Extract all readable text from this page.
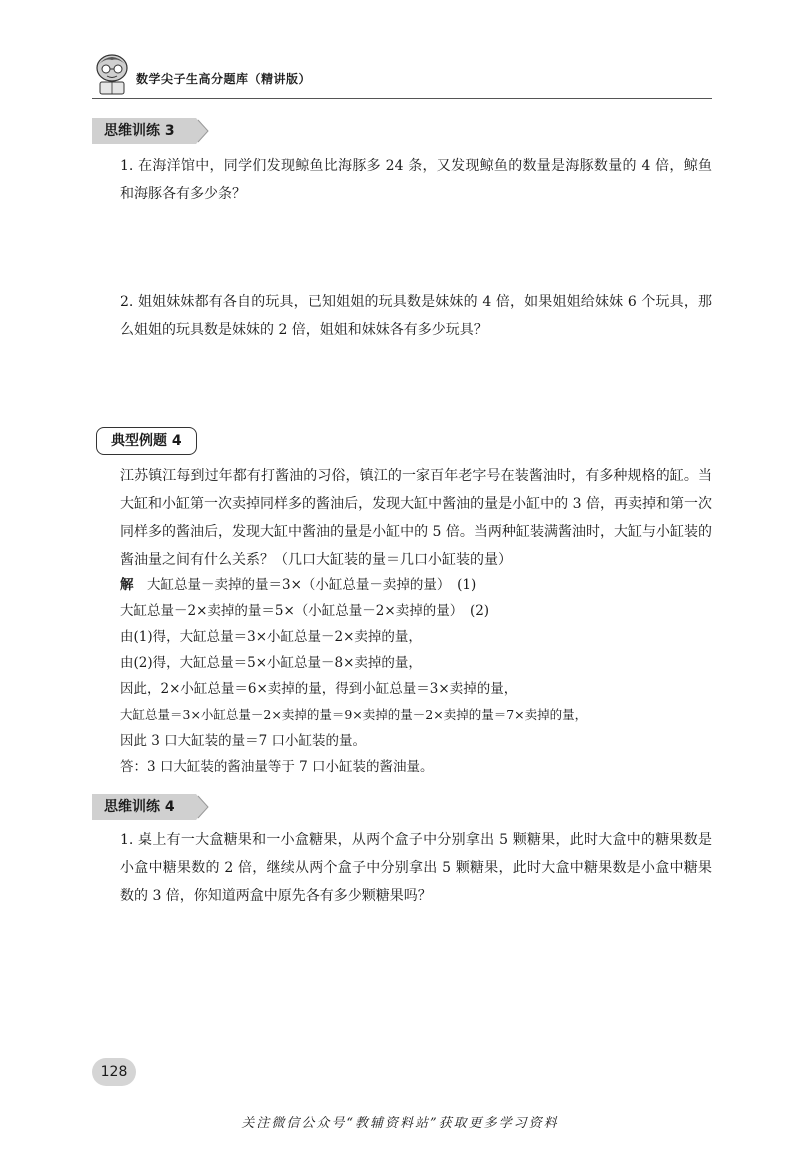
数学尖子生高分题库（精讲版）
思维训练 3
1. 在海洋馆中，同学们发现鲸鱼比海豚多 24 条，又发现鲸鱼的数量是海豚数量的 4 倍，鲸鱼和海豚各有多少条？
2. 姐姐妹妹都有各自的玩具，已知姐姐的玩具数是妹妹的 4 倍，如果姐姐给妹妹 6 个玩具，那么姐姐的玩具数是妹妹的 2 倍，姐姐和妹妹各有多少玩具？
典型例题 4
江苏镇江每到过年都有打酱油的习俗，镇江的一家百年老字号在装酱油时，有多种规格的缸。当大缸和小缸第一次卖掉同样多的酱油后，发现大缸中酱油的量是小缸中的 3 倍，再卖掉和第一次同样多的酱油后，发现大缸中酱油的量是小缸中的 5 倍。当两种缸装满酱油时，大缸与小缸装的酱油量之间有什么关系？（几口大缸装的量＝几口小缸装的量）
解　 大缸总量－卖掉的量＝3×（小缸总量－卖掉的量）　(1)
大缸总量－2×卖掉的量＝5×（小缸总量－2×卖掉的量）　(2)
由(1)得，大缸总量＝3×小缸总量－2×卖掉的量，
由(2)得，大缸总量＝5×小缸总量－8×卖掉的量，
因此，2×小缸总量＝6×卖掉的量，得到小缸总量＝3×卖掉的量，
大缸总量＝3×小缸总量－2×卖掉的量＝9×卖掉的量－2×卖掉的量＝7×卖掉的量，
因此 3 口大缸装的量＝7 口小缸装的量。
答：3 口大缸装的酱油量等于 7 口小缸装的酱油量。
思维训练 4
1. 桌上有一大盒糖果和一小盒糖果，从两个盒子中分别拿出 5 颗糖果，此时大盒中的糖果数是小盒中糖果数的 2 倍，继续从两个盒子中分别拿出 5 颗糖果，此时大盒中糖果数是小盒中糖果数的 3 倍，你知道两盒中原先各有多少颗糖果吗？
128
关注微信公众号“教辅资料站”获取更多学习资料
